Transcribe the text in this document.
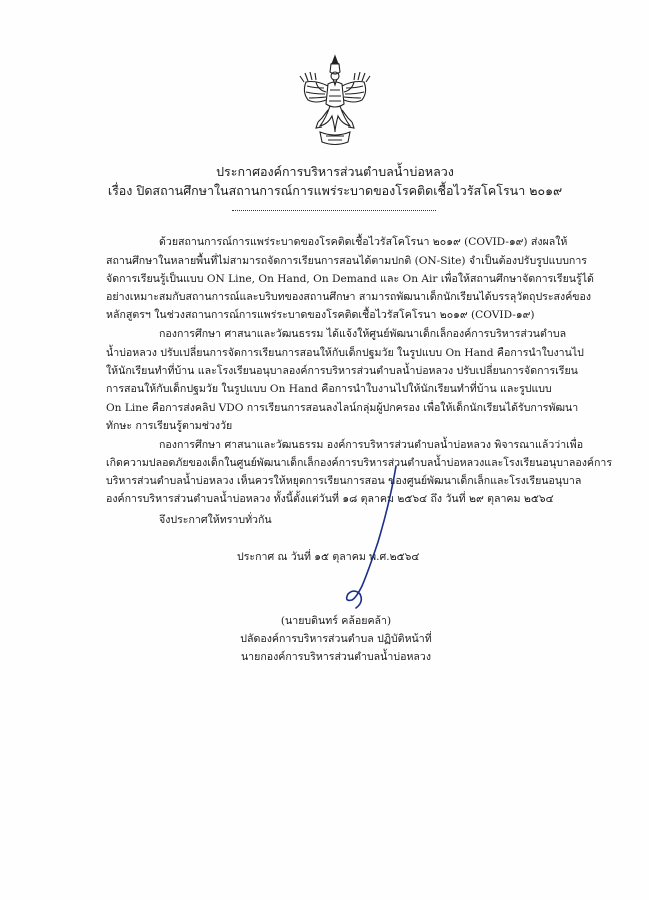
ประกาศองค์การบริหารส่วนตำบลน้ำบ่อหลวง
เรื่อง ปิดสถานศึกษาในสถานการณ์การแพร่ระบาดของโรคติดเชื้อไวรัสโคโรนา ๒๐๑๙
ด้วยสถานการณ์การแพร่ระบาดของโรคติดเชื้อไวรัสโคโรนา ๒๐๑๙ (COVID-๑๙) ส่งผลให้
สถานศึกษาในหลายพื้นที่ไม่สามารถจัดการเรียนการสอนได้ตามปกติ (ON-Site) จำเป็นต้องปรับรูปแบบการ
จัดการเรียนรู้เป็นแบบ ON Line, On Hand, On Demand และ On Air เพื่อให้สถานศึกษาจัดการเรียนรู้ได้
อย่างเหมาะสมกับสถานการณ์และบริบทของสถานศึกษา สามารถพัฒนาเด็กนักเรียนได้บรรลุวัตถุประสงค์ของ
หลักสูตรฯ ในช่วงสถานการณ์การแพร่ระบาดของโรคติดเชื้อไวรัสโคโรนา ๒๐๑๙ (COVID-๑๙)
กองการศึกษา ศาสนาและวัฒนธรรม ได้แจ้งให้ศูนย์พัฒนาเด็กเล็กองค์การบริหารส่วนตำบล
น้ำบ่อหลวง ปรับเปลี่ยนการจัดการเรียนการสอนให้กับเด็กปฐมวัย ในรูปแบบ On Hand คือการนำใบงานไป
ให้นักเรียนทำที่บ้าน และโรงเรียนอนุบาลองค์การบริหารส่วนตำบลน้ำบ่อหลวง ปรับเปลี่ยนการจัดการเรียน
การสอนให้กับเด็กปฐมวัย ในรูปแบบ On Hand คือการนำใบงานไปให้นักเรียนทำที่บ้าน และรูปแบบ
On Line คือการส่งคลิป VDO การเรียนการสอนลงไลน์กลุ่มผู้ปกครอง เพื่อให้เด็กนักเรียนได้รับการพัฒนา
ทักษะ การเรียนรู้ตามช่วงวัย
กองการศึกษา ศาสนาและวัฒนธรรม องค์การบริหารส่วนตำบลน้ำบ่อหลวง พิจารณาแล้วว่าเพื่อ
เกิดความปลอดภัยของเด็กในศูนย์พัฒนาเด็กเล็กองค์การบริหารส่วนตำบลน้ำบ่อหลวงและโรงเรียนอนุบาลองค์การ
บริหารส่วนตำบลน้ำบ่อหลวง เห็นควรให้หยุดการเรียนการสอน ของศูนย์พัฒนาเด็กเล็กและโรงเรียนอนุบาล
องค์การบริหารส่วนตำบลน้ำบ่อหลวง ทั้งนี้ตั้งแต่วันที่ ๑๘ ตุลาคม ๒๕๖๔ ถึง วันที่ ๒๙ ตุลาคม ๒๕๖๔
จึงประกาศให้ทราบทั่วกัน
ประกาศ ณ วันที่ ๑๕ ตุลาคม พ.ศ.๒๕๖๔
(นายบดินทร์ คล้อยคล้า)
ปลัดองค์การบริหารส่วนตำบล ปฏิบัติหน้าที่
นายกองค์การบริหารส่วนตำบลน้ำบ่อหลวง
